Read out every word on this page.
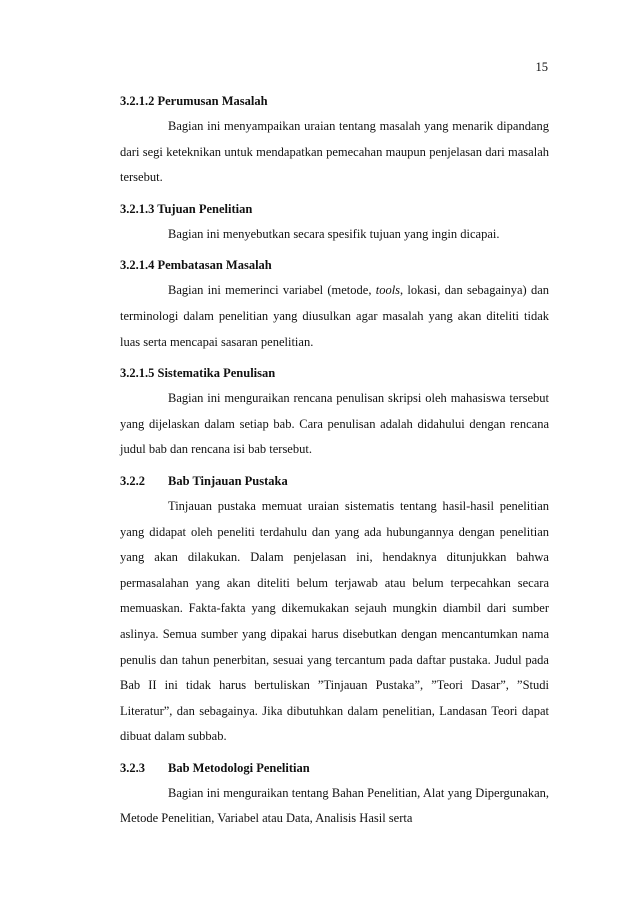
15
3.2.1.2 Perumusan Masalah

Bagian ini menyampaikan uraian tentang masalah yang menarik dipandang dari segi keteknikan untuk mendapatkan pemecahan maupun penjelasan dari masalah tersebut.

3.2.1.3 Tujuan Penelitian

Bagian ini menyebutkan secara spesifik tujuan yang ingin dicapai.

3.2.1.4 Pembatasan Masalah

Bagian ini memerinci variabel (metode, tools, lokasi, dan sebagainya) dan terminologi dalam penelitian yang diusulkan agar masalah yang akan diteliti tidak luas serta mencapai sasaran penelitian.

3.2.1.5 Sistematika Penulisan

Bagian ini menguraikan rencana penulisan skripsi oleh mahasiswa tersebut yang dijelaskan dalam setiap bab. Cara penulisan adalah didahului dengan rencana judul bab dan rencana isi bab tersebut.

3.2.2 Bab Tinjauan Pustaka

Tinjauan pustaka memuat uraian sistematis tentang hasil-hasil penelitian yang didapat oleh peneliti terdahulu dan yang ada hubungannya dengan penelitian yang akan dilakukan. Dalam penjelasan ini, hendaknya ditunjukkan bahwa permasalahan yang akan diteliti belum terjawab atau belum terpecahkan secara memuaskan. Fakta-fakta yang dikemukakan sejauh mungkin diambil dari sumber aslinya. Semua sumber yang dipakai harus disebutkan dengan mencantumkan nama penulis dan tahun penerbitan, sesuai yang tercantum pada daftar pustaka. Judul pada Bab II ini tidak harus bertuliskan ”Tinjauan Pustaka”, ”Teori Dasar”, ”Studi Literatur”, dan sebagainya. Jika dibutuhkan dalam penelitian, Landasan Teori dapat dibuat dalam subbab.

3.2.3 Bab Metodologi Penelitian

Bagian ini menguraikan tentang Bahan Penelitian, Alat yang Dipergunakan, Metode Penelitian, Variabel atau Data, Analisis Hasil serta
